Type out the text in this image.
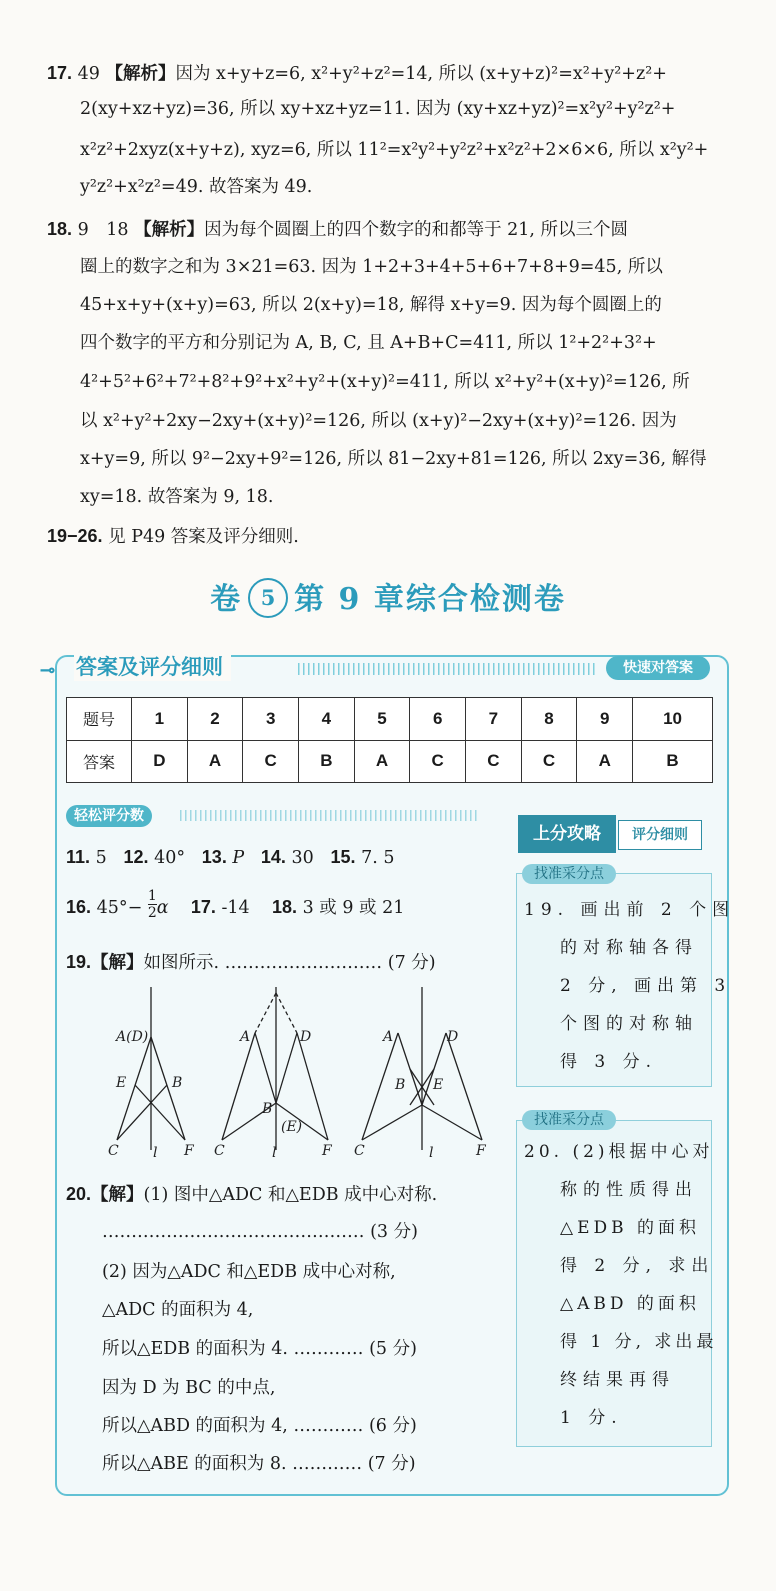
17. 49 【解析】因为 x+y+z=6, x²+y²+z²=14, 所以 (x+y+z)²=x²+y²+z²+
2(xy+xz+yz)=36, 所以 xy+xz+yz=11. 因为 (xy+xz+yz)²=x²y²+y²z²+
x²z²+2xyz(x+y+z), xyz=6, 所以 11²=x²y²+y²z²+x²z²+2×6×6, 所以 x²y²+
y²z²+x²z²=49. 故答案为 49.
18. 9　18 【解析】因为每个圆圈上的四个数字的和都等于 21, 所以三个圆
圈上的数字之和为 3×21=63. 因为 1+2+3+4+5+6+7+8+9=45, 所以
45+x+y+(x+y)=63, 所以 2(x+y)=18, 解得 x+y=9. 因为每个圆圈上的
四个数字的平方和分别记为 A, B, C, 且 A+B+C=411, 所以 1²+2²+3²+
4²+5²+6²+7²+8²+9²+x²+y²+(x+y)²=411, 所以 x²+y²+(x+y)²=126, 所
以 x²+y²+2xy−2xy+(x+y)²=126, 所以 (x+y)²−2xy+(x+y)²=126. 因为
x+y=9, 所以 9²−2xy+9²=126, 所以 81−2xy+81=126, 所以 2xy=36, 解得
xy=18. 故答案为 9, 18.
19−26. 见 P49 答案及评分细则.
卷 5 第 9 章综合检测卷
⊸ 答案及评分细则	快速对答案
题号	1	2	3	4	5	6	7	8	9	10
答案	D	A	C	B	A	C	C	C	A	B
轻松评分数
11. 5 12. 40° 13. P 14. 30 15. 7. 5
16. $45^\circ- \frac{1}{2}$ α 17. -14 18. 3 或 9 或 21
19.【解】如图所示. ……………………… (7 分)
A(D)
E	B
C l F
A	D
B
(E)
C	l	F
A	D
B E
C	l	F
20.【解】(1) 图中△ADC 和△EDB 成中心对称.
……………………………………… (3 分)
(2) 因为△ADC 和△EDB 成中心对称,
△ADC 的面积为 4,
所以△EDB 的面积为 4. ………… (5 分)
因为 D 为 BC 的中点,
所以△ABD 的面积为 4, ………… (6 分)
所以△ABE 的面积为 8. ………… (7 分)
上分攻略	评分细则
找准采分点
19. 画出前 2 个图
的对称轴各得
2 分, 画出第 3
个图的对称轴
得 3 分.
找准采分点
20. (2)根据中心对
称的性质得出
△EDB 的面积
得 2 分, 求出
△ABD 的面积
得 1 分, 求出最
终结果再得
1 分.
